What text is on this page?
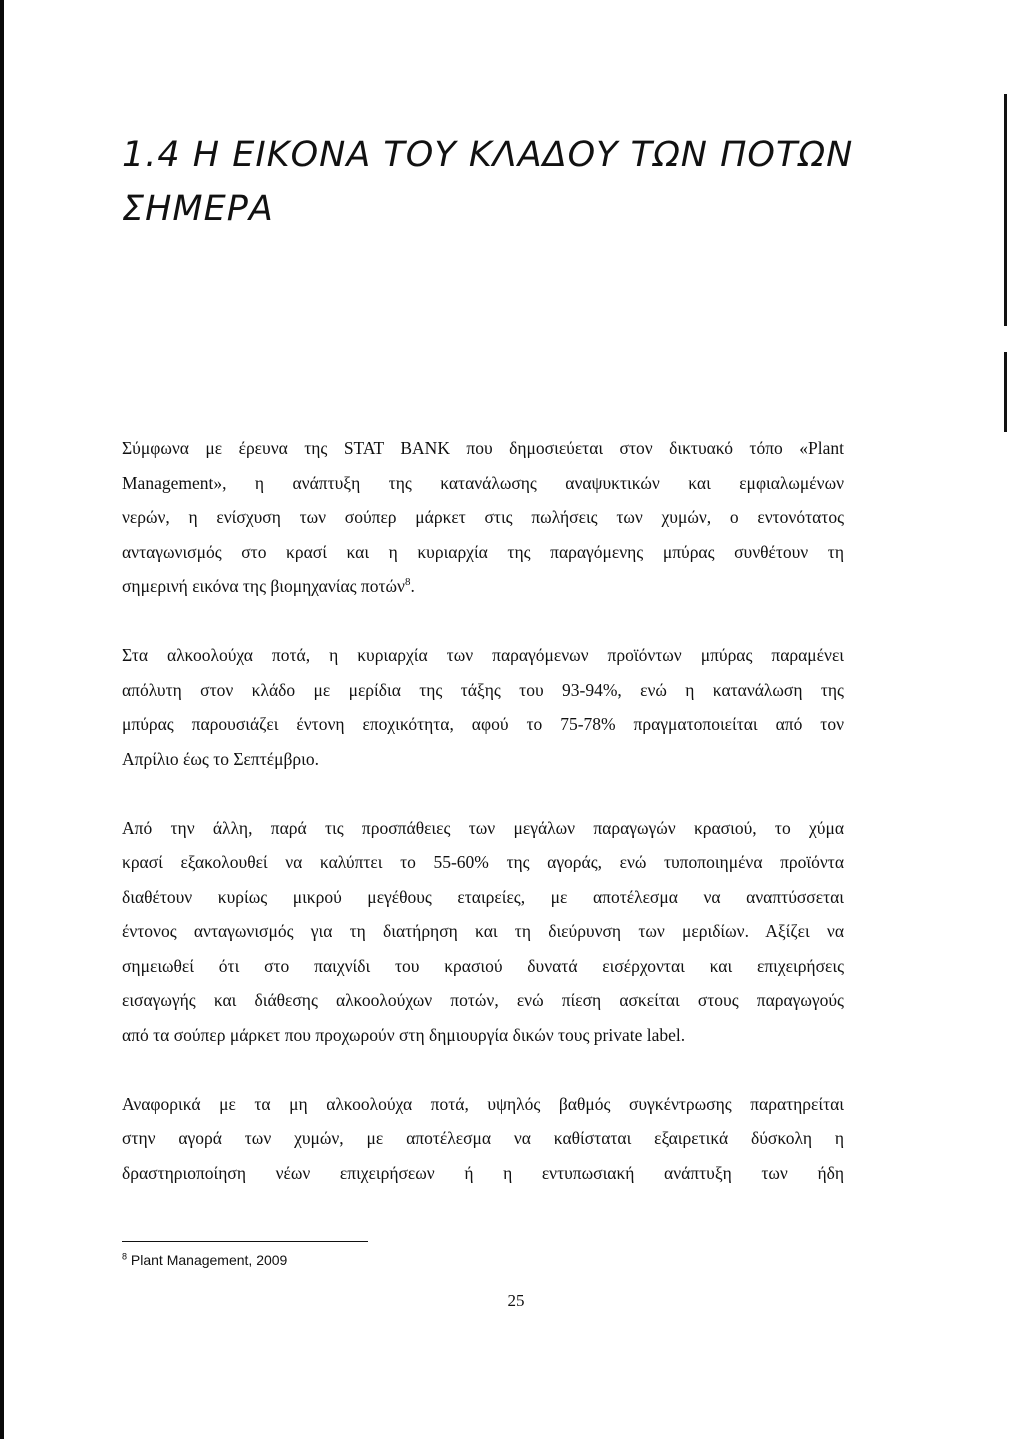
1.4 Η ΕΙΚΟΝΑ ΤΟΥ ΚΛΑΔΟΥ ΤΩΝ ΠΟΤΩΝ
ΣΗΜΕΡΑ

Σύμφωνα με έρευνα της STAT BANK που δημοσιεύεται στον δικτυακό τόπο «Plant
Management», η ανάπτυξη της κατανάλωσης αναψυκτικών και εμφιαλωμένων
νερών, η ενίσχυση των σούπερ μάρκετ στις πωλήσεις των χυμών, ο εντονότατος
ανταγωνισμός στο κρασί και η κυριαρχία της παραγόμενης μπύρας συνθέτουν τη
σημερινή εικόνα της βιομηχανίας ποτών$^8$.

Στα αλκοολούχα ποτά, η κυριαρχία των παραγόμενων προϊόντων μπύρας παραμένει
απόλυτη στον κλάδο με μερίδια της τάξης του 93-94%, ενώ η κατανάλωση της
μπύρας παρουσιάζει έντονη εποχικότητα, αφού το 75-78% πραγματοποιείται από τον
Απρίλιο έως το Σεπτέμβριο.

Από την άλλη, παρά τις προσπάθειες των μεγάλων παραγωγών κρασιού, το χύμα
κρασί εξακολουθεί να καλύπτει το 55-60% της αγοράς, ενώ τυποποιημένα προϊόντα
διαθέτουν κυρίως μικρού μεγέθους εταιρείες, με αποτέλεσμα να αναπτύσσεται
έντονος ανταγωνισμός για τη διατήρηση και τη διεύρυνση των μεριδίων. Αξίζει να
σημειωθεί ότι στο παιχνίδι του κρασιού δυνατά εισέρχονται και επιχειρήσεις
εισαγωγής και διάθεσης αλκοολούχων ποτών, ενώ πίεση ασκείται στους παραγωγούς
από τα σούπερ μάρκετ που προχωρούν στη δημιουργία δικών τους private label.

Αναφορικά με τα μη αλκοολούχα ποτά, υψηλός βαθμός συγκέντρωσης παρατηρείται
στην αγορά των χυμών, με αποτέλεσμα να καθίσταται εξαιρετικά δύσκολη η
δραστηριοποίηση νέων επιχειρήσεων ή η εντυπωσιακή ανάπτυξη των ήδη

$^8$ Plant Management, 2009
25
